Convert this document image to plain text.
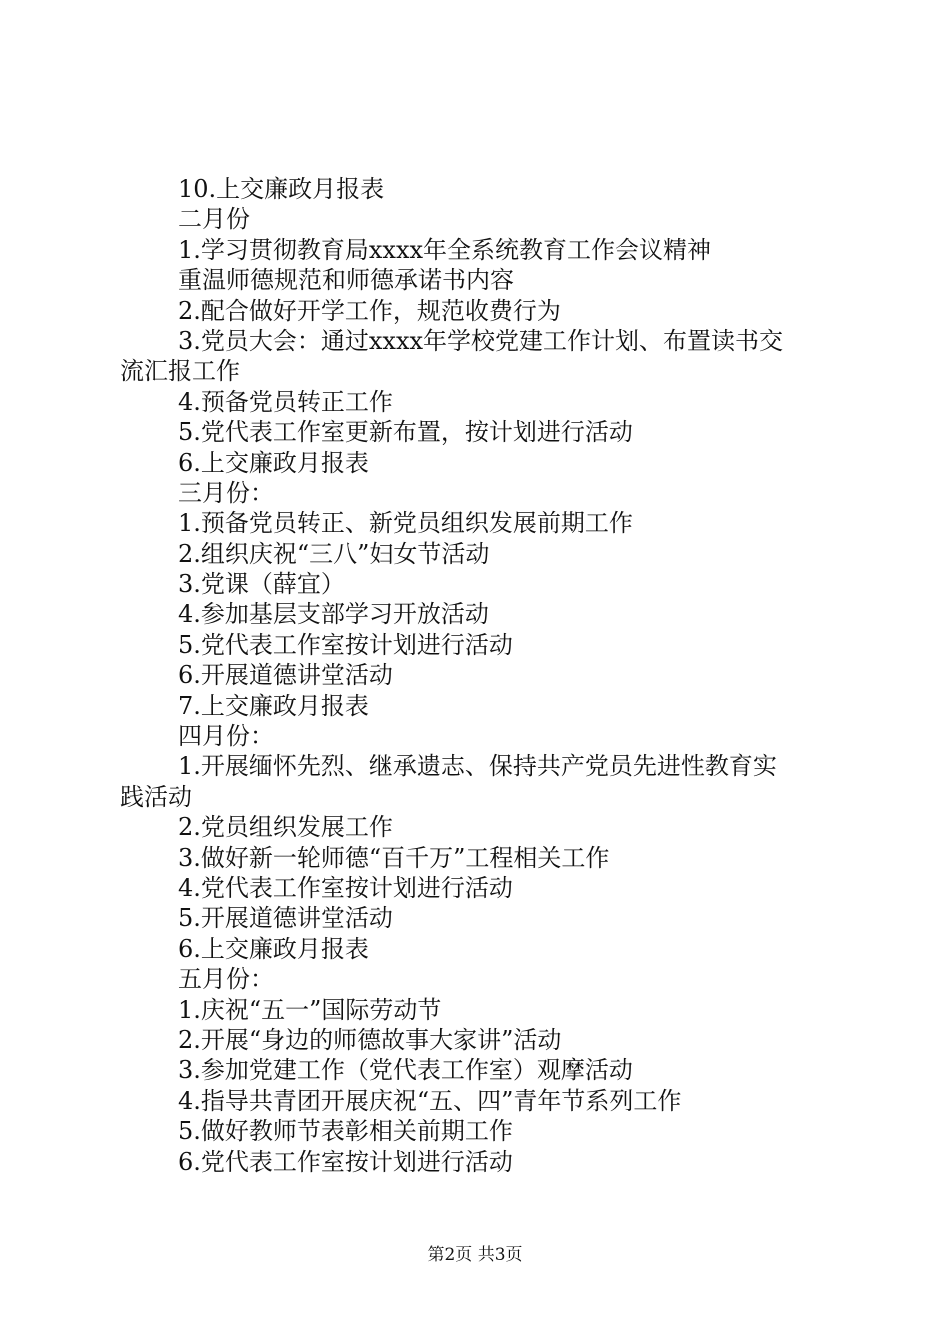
10.上交廉政月报表
二月份
1.学习贯彻教育局xxxx年全系统教育工作会议精神
重温师德规范和师德承诺书内容
2.配合做好开学工作，规范收费行为
3.党员大会：通过xxxx年学校党建工作计划、布置读书交
流汇报工作
4.预备党员转正工作
5.党代表工作室更新布置，按计划进行活动
6.上交廉政月报表
三月份：
1.预备党员转正、新党员组织发展前期工作
2.组织庆祝“三八”妇女节活动
3.党课（薛宜）
4.参加基层支部学习开放活动
5.党代表工作室按计划进行活动
6.开展道德讲堂活动
7.上交廉政月报表
四月份：
1.开展缅怀先烈、继承遗志、保持共产党员先进性教育实
践活动
2.党员组织发展工作
3.做好新一轮师德“百千万”工程相关工作
4.党代表工作室按计划进行活动
5.开展道德讲堂活动
6.上交廉政月报表
五月份：
1.庆祝“五一”国际劳动节
2.开展“身边的师德故事大家讲”活动
3.参加党建工作（党代表工作室）观摩活动
4.指导共青团开展庆祝“五、四”青年节系列工作
5.做好教师节表彰相关前期工作
6.党代表工作室按计划进行活动
第2页 共3页
